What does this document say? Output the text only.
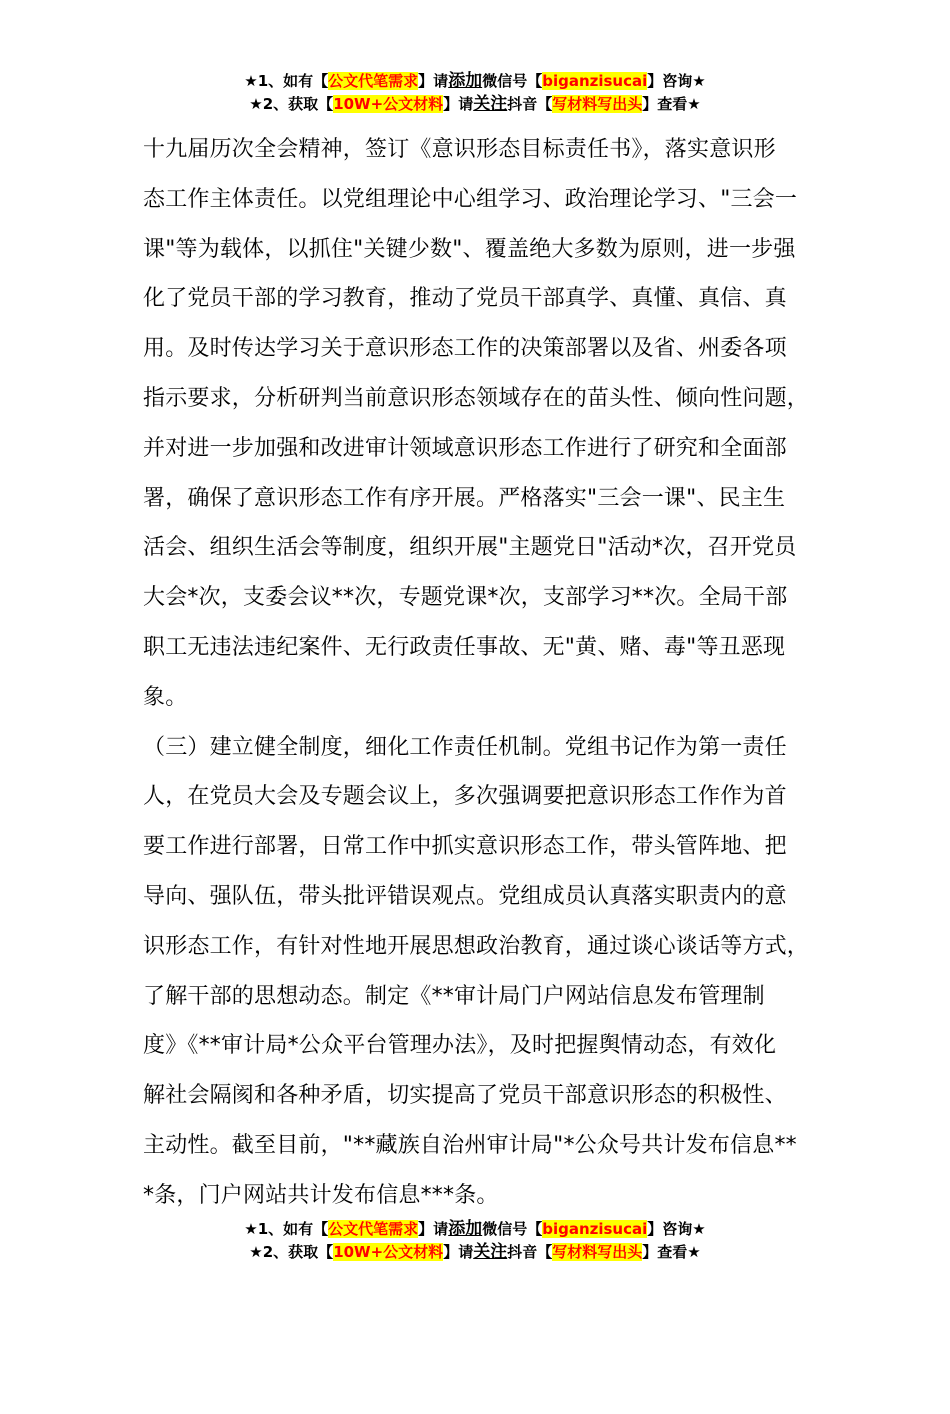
★1、如有【公文代笔需求】请添加微信号【biganzisucai】咨询★
★2、获取【10W+公文材料】请关注抖音【写材料写出头】查看★
十九届历次全会精神，签订《意识形态目标责任书》，落实意识形
态工作主体责任。以党组理论中心组学习、政治理论学习、"三会一
课"等为载体，以抓住"关键少数"、覆盖绝大多数为原则，进一步强
化了党员干部的学习教育，推动了党员干部真学、真懂、真信、真
用。及时传达学习关于意识形态工作的决策部署以及省、州委各项
指示要求，分析研判当前意识形态领域存在的苗头性、倾向性问题，
并对进一步加强和改进审计领域意识形态工作进行了研究和全面部
署，确保了意识形态工作有序开展。严格落实"三会一课"、民主生
活会、组织生活会等制度，组织开展"主题党日"活动*次，召开党员
大会*次，支委会议**次，专题党课*次，支部学习**次。全局干部
职工无违法违纪案件、无行政责任事故、无"黄、赌、毒"等丑恶现
象。
（三）建立健全制度，细化工作责任机制。党组书记作为第一责任
人，在党员大会及专题会议上，多次强调要把意识形态工作作为首
要工作进行部署，日常工作中抓实意识形态工作，带头管阵地、把
导向、强队伍，带头批评错误观点。党组成员认真落实职责内的意
识形态工作，有针对性地开展思想政治教育，通过谈心谈话等方式，
了解干部的思想动态。制定《**审计局门户网站信息发布管理制
度》《**审计局*公众平台管理办法》，及时把握舆情动态，有效化
解社会隔阂和各种矛盾，切实提高了党员干部意识形态的积极性、
主动性。截至目前，"**藏族自治州审计局"*公众号共计发布信息**
*条，门户网站共计发布信息***条。
★1、如有【公文代笔需求】请添加微信号【biganzisucai】咨询★
★2、获取【10W+公文材料】请关注抖音【写材料写出头】查看★
